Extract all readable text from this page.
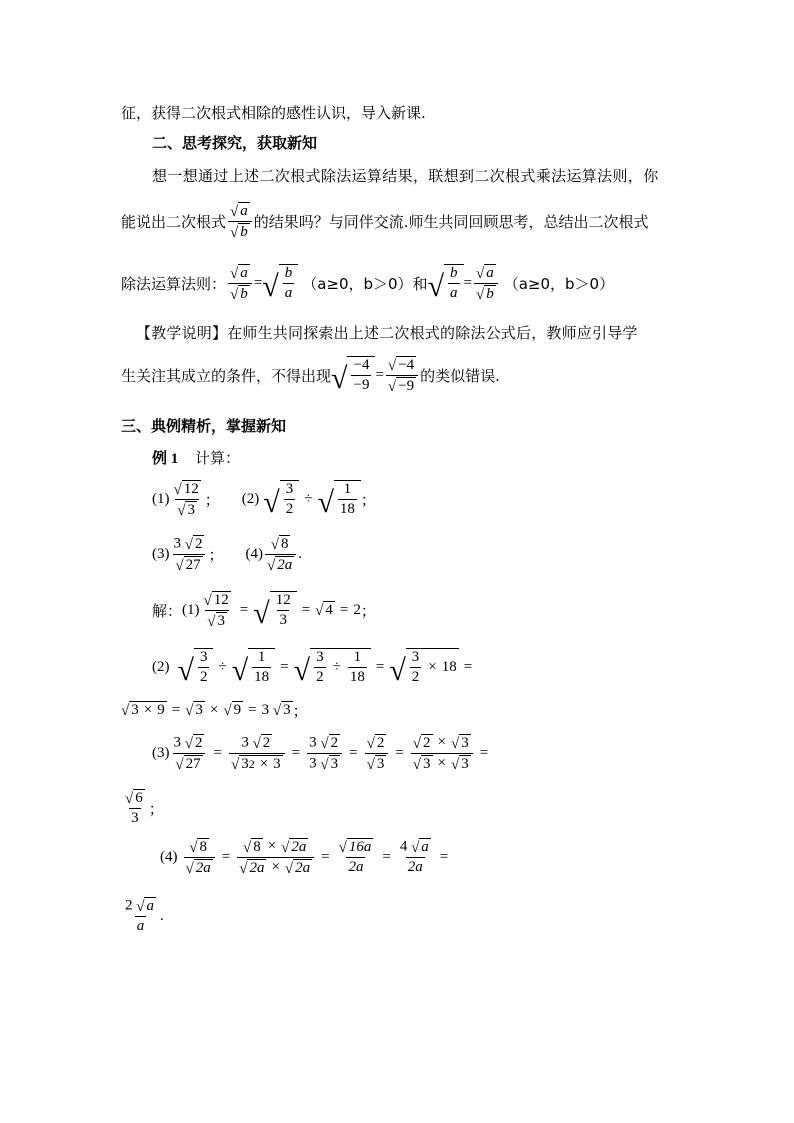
征，获得二次根式相除的感性认识，导入新课.
二、思考探究，获取新知
想一想通过上述二次根式除法运算结果，联想到二次根式乘法运算法则，你
能说出二次根式 $\frac{√ a}{√ b}$ 的结果吗？与同伴交流.师生共同回顾思考，总结出二次根式
除法运算法则： $\frac{√ a}{√ b}$ = √ $\frac{b}{a} (a\ge 0$，b＞0）和 √ $\frac{b}{a} = \frac{√ a}{√ b} (a\ge 0$，b＞0）
【教学说明】在师生共同探索出上述二次根式的除法公式后，教师应引导学
生关注其成立的条件，不得出现 √ $\frac{-4}{-9} = \frac{√ -4}{√ -9}$ 的类似错误.
三、典例精析，掌握新知
例 1 计算：
$(1) \frac{√ 12}{√ 3}$ ； (2) √ $\frac{3}{2}$ ÷ √ $\frac{1}{18}$ ；
$(3) \frac{3 √ 2}{√ 27}$ ； $(4) \frac{√ 8}{√ 2a}$ .
解： $(1) \frac{√ 12}{√ 3}$ = √ $\frac{12}{3}$ = √ 4 = 2 ；
(2) √ $\frac{3}{2}$ ÷ √ $\frac{1}{18}$ = √ $\frac{3}{2} \div \frac{1}{18}$ = √ $\frac{3}{2} \times 18$ =
√ 3 × 9 = √ 3 × √ 9 = 3
√ 3 ；
$(3) \frac{3 √ 2}{√ 27} = \frac{3 √ 2}{√ 3 2 \times 3} = \frac{3 √ 2}{3 √ 3} = \frac{√ 2}{√ 3} = \frac{√ 2 \times √ 3}{√ 3 \times √ 3}$ =
$\frac{√ 6}{3}$ ；
$(4) \frac{√ 8}{√ 2a} = \frac{√ 8 \times √ 2a}{√ 2a \times √ 2a} = \frac{√ 16a}{2a} = \frac{4 √ a}{2a}$ =
$\frac{2 √ a}{a}$ .
